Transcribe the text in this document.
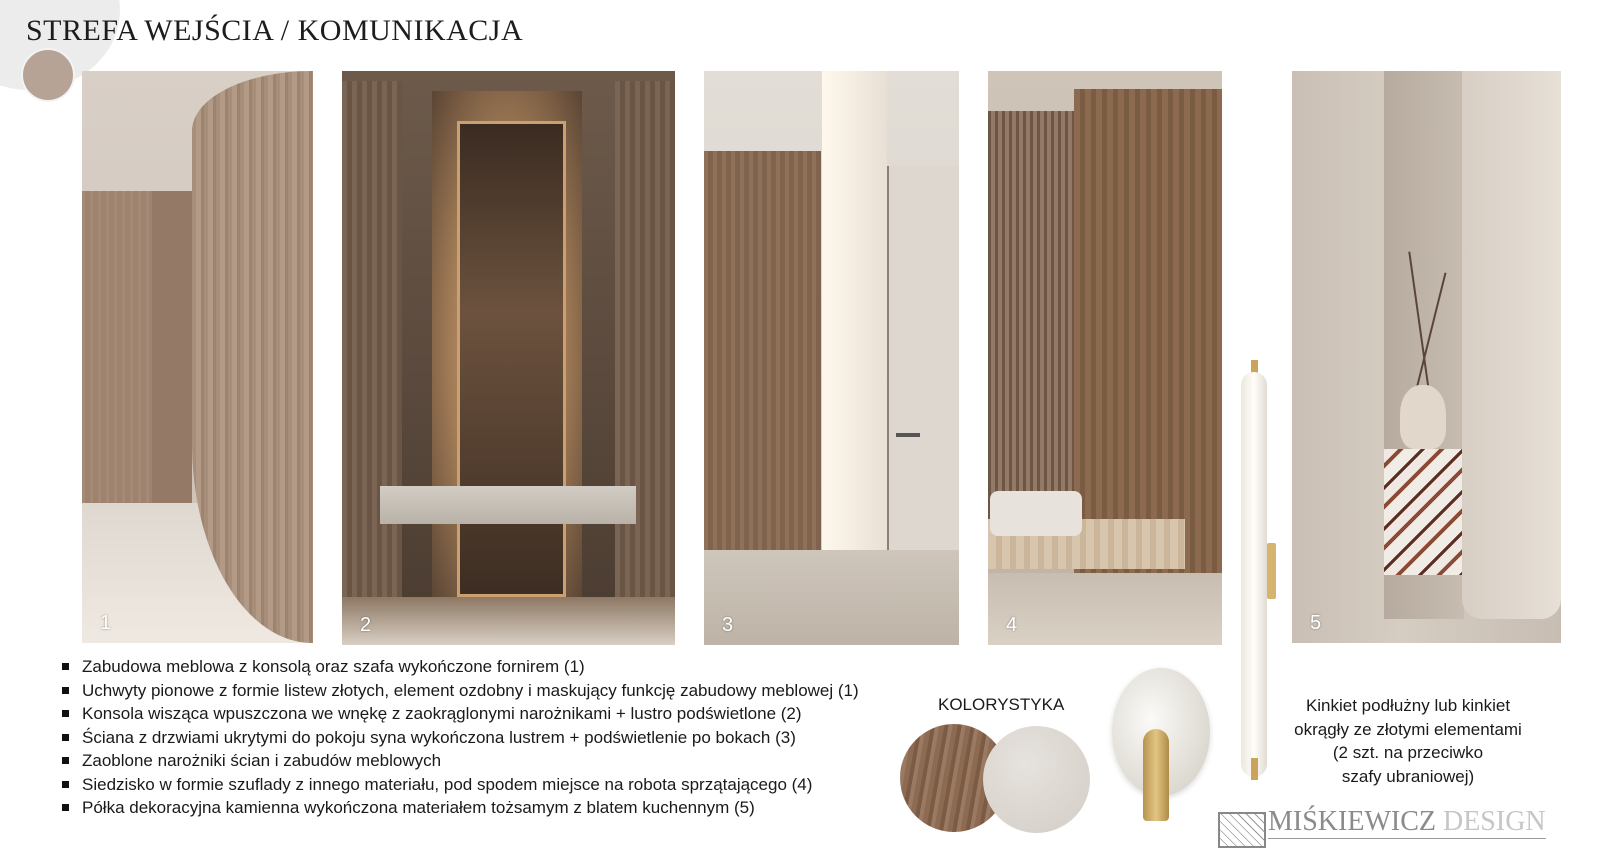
STREFA WEJŚCIA / KOMUNIKACJA
1	2	3	4	5
Zabudowa meblowa z konsolą oraz szafa wykończone fornirem (1)
Uchwyty pionowe z formie listew złotych, element ozdobny i maskujący funkcję zabudowy meblowej (1)
Konsola wisząca wpuszczona we wnękę z zaokrąglonymi narożnikami + lustro podświetlone (2)
Ściana z drzwiami ukrytymi do pokoju syna wykończona lustrem + podświetlenie po bokach (3)
Zaoblone narożniki ścian i zabudów meblowych
Siedzisko w formie szuflady z innego materiału, pod spodem miejsce na robota sprzątającego (4)
Półka dekoracyjna kamienna wykończona materiałem tożsamym z blatem kuchennym (5)
KOLORYSTYKA	Kinkiet podłużny lub kinkiet
okrągły ze złotymi elementami
(2 szt. na przeciwko
szafy ubraniowej)
MIŚKIEWICZ DESIGN
